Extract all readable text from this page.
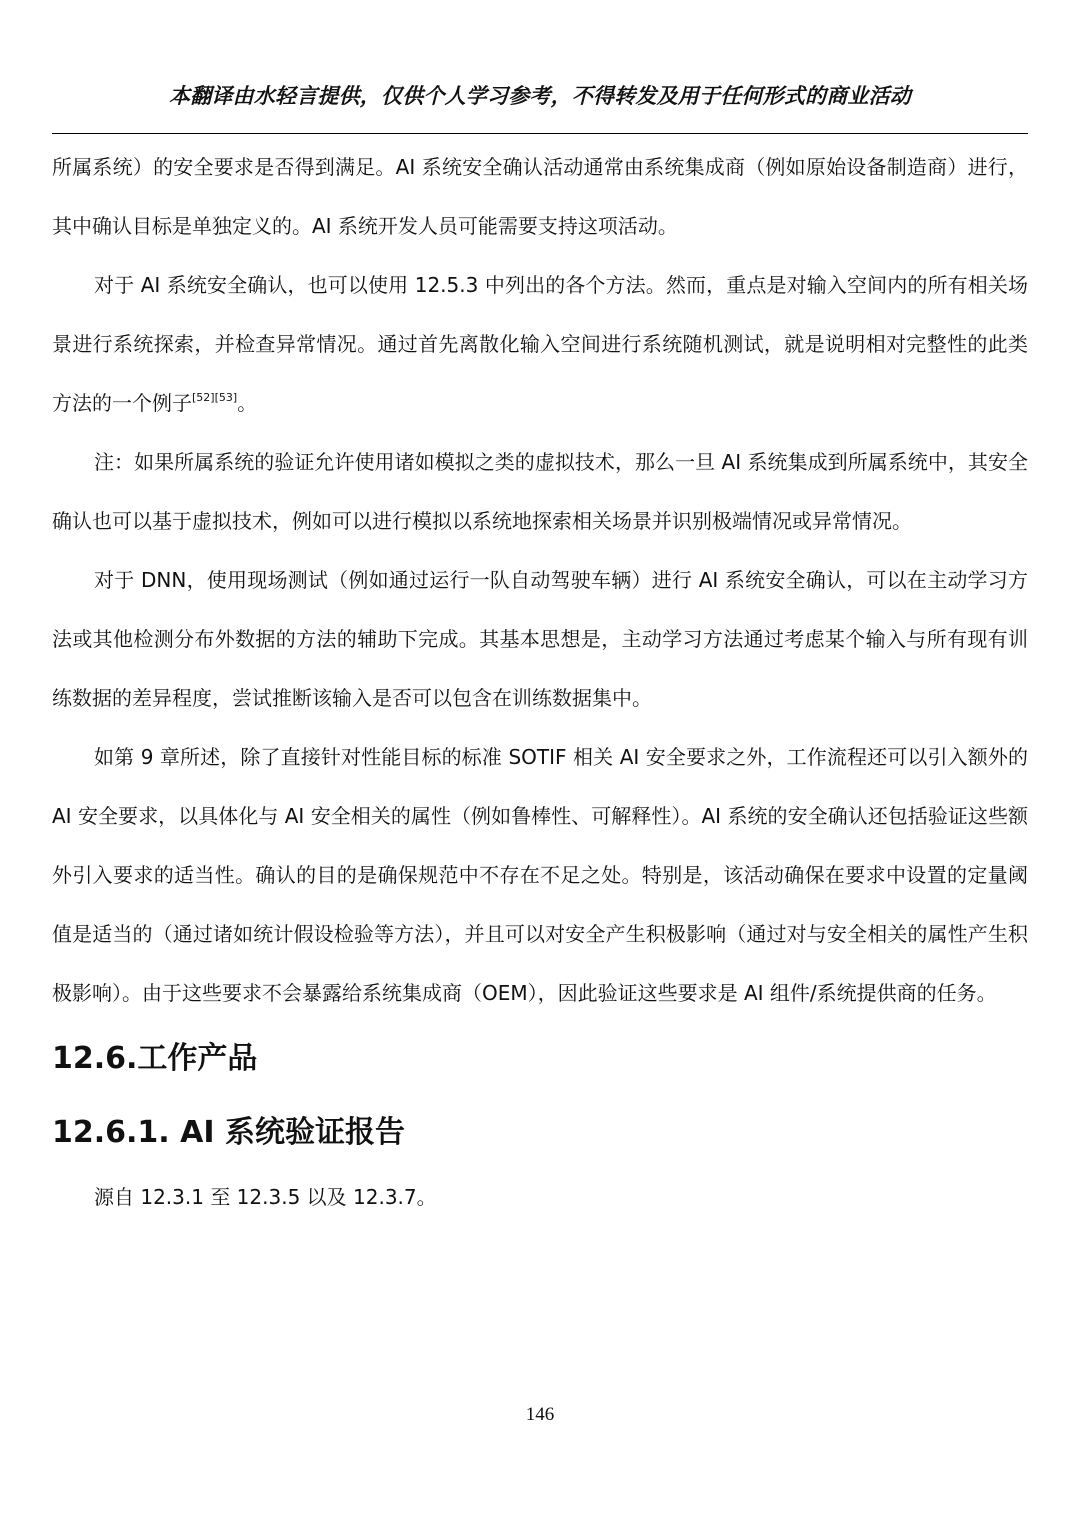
本翻译由水轻言提供，仅供个人学习参考，不得转发及用于任何形式的商业活动

所属系统）的安全要求是否得到满足。AI 系统安全确认活动通常由系统集成商（例如原始设备制造商）进行，其中确认目标是单独定义的。AI 系统开发人员可能需要支持这项活动。

对于 AI 系统安全确认，也可以使用 12.5.3 中列出的各个方法。然而，重点是对输入空间内的所有相关场景进行系统探索，并检查异常情况。通过首先离散化输入空间进行系统随机测试，就是说明相对完整性的此类方法的一个例子[52][53]。

注：如果所属系统的验证允许使用诸如模拟之类的虚拟技术，那么一旦 AI 系统集成到所属系统中，其安全确认也可以基于虚拟技术，例如可以进行模拟以系统地探索相关场景并识别极端情况或异常情况。

对于 DNN，使用现场测试（例如通过运行一队自动驾驶车辆）进行 AI 系统安全确认，可以在主动学习方法或其他检测分布外数据的方法的辅助下完成。其基本思想是，主动学习方法通过考虑某个输入与所有现有训练数据的差异程度，尝试推断该输入是否可以包含在训练数据集中。

如第 9 章所述，除了直接针对性能目标的标准 SOTIF 相关 AI 安全要求之外，工作流程还可以引入额外的 AI 安全要求，以具体化与 AI 安全相关的属性（例如鲁棒性、可解释性）。AI 系统的安全确认还包括验证这些额外引入要求的适当性。确认的目的是确保规范中不存在不足之处。特别是，该活动确保在要求中设置的定量阈值是适当的（通过诸如统计假设检验等方法），并且可以对安全产生积极影响（通过对与安全相关的属性产生积极影响）。由于这些要求不会暴露给系统集成商（OEM），因此验证这些要求是 AI 组件/系统提供商的任务。

12.6.工作产品
12.6.1. AI 系统验证报告

源自 12.3.1 至 12.3.5 以及 12.3.7。

146
